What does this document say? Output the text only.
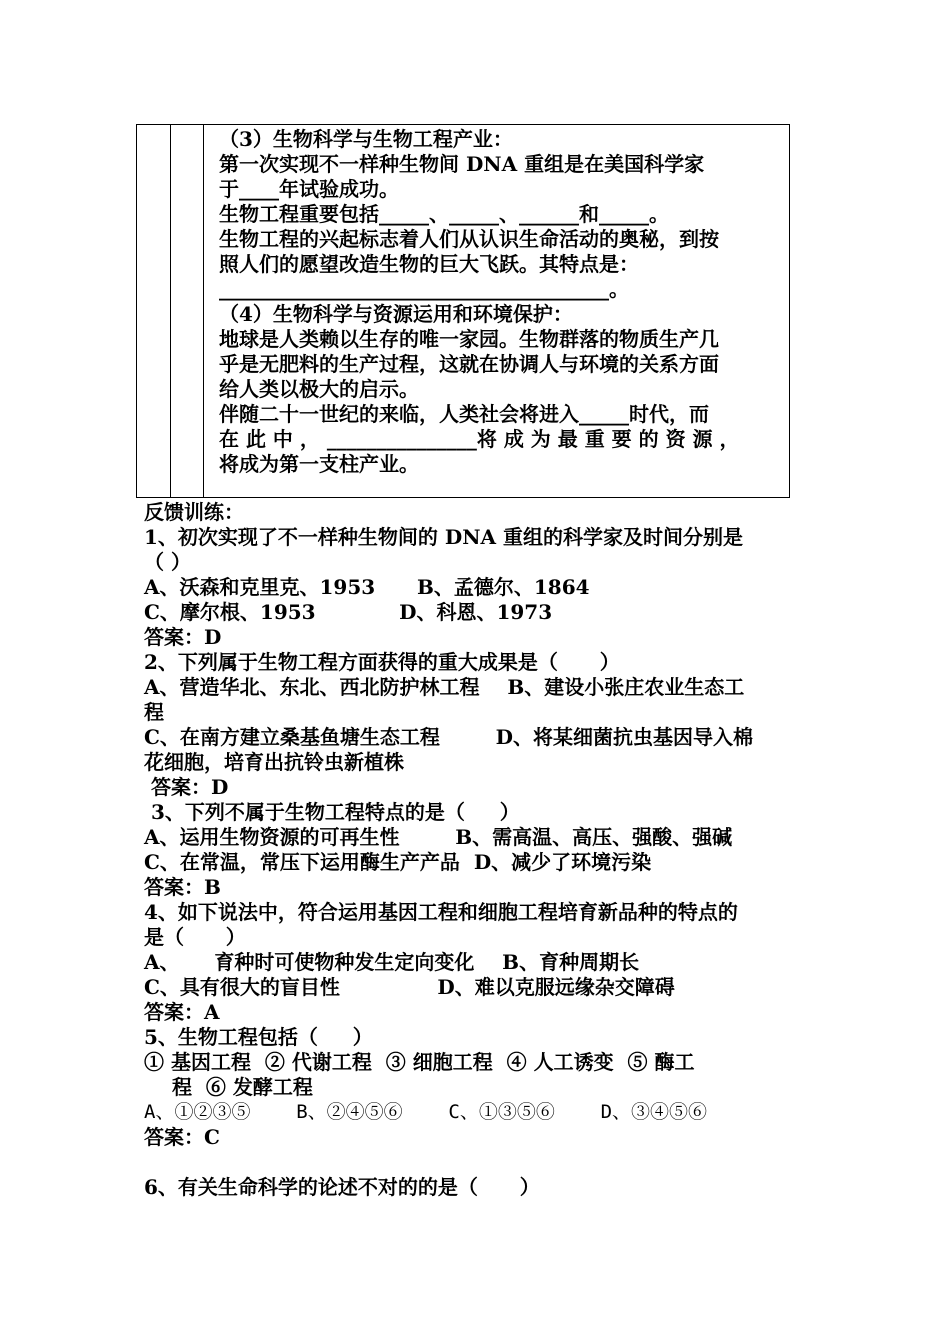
（3）生物科学与生物工程产业：
第一次实现不一样种生物间 DNA 重组是在美国科学家
于____年试验成功。
生物工程重要包括_____、_____、______和_____。
生物工程的兴起标志着人们从认识生命活动的奥秘，到按
照人们的愿望改造生物的巨大飞跃。其特点是：
_______________________________________。
（4）生物科学与资源运用和环境保护：
地球是人类赖以生存的唯一家园。生物群落的物质生产几
乎是无肥料的生产过程，这就在协调人与环境的关系方面
给人类以极大的启示。
伴随二十一世纪的来临，人类社会将进入_____时代，而
在 此 中 ， _______________将 成 为 最 重 要 的 资 源 ，
将成为第一支柱产业。
反馈训练：
1、初次实现了不一样种生物间的 DNA 重组的科学家及时间分别是
（ ）
A、沃森和克里克、1953      B、孟德尔、1864
C、摩尔根、1953            D、科恩、1973
答案：D
2、下列属于生物工程方面获得的重大成果是（      ）
A、营造华北、东北、西北防护林工程    B、建设小张庄农业生态工
程
C、在南方建立桑基鱼塘生态工程        D、将某细菌抗虫基因导入棉
花细胞，培育出抗铃虫新植株
答案：D
3、下列不属于生物工程特点的是（     ）
A、运用生物资源的可再生性        B、需高温、高压、强酸、强碱
C、在常温，常压下运用酶生产产品  D、减少了环境污染
答案：B
4、如下说法中，符合运用基因工程和细胞工程培育新品种的特点的
是（      ）
A、     育种时可使物种发生定向变化    B、育种周期长
C、具有很大的盲目性              D、难以克服远缘杂交障碍
答案：A
5、生物工程包括（     ）
① 基因工程  ② 代谢工程  ③ 细胞工程  ④ 人工诱变  ⑤ 酶工
程  ⑥ 发酵工程
A、①②③⑤    B、②④⑤⑥    C、①③⑤⑥    D、③④⑤⑥
答案：C
6、有关生命科学的论述不对的的是（      ）
